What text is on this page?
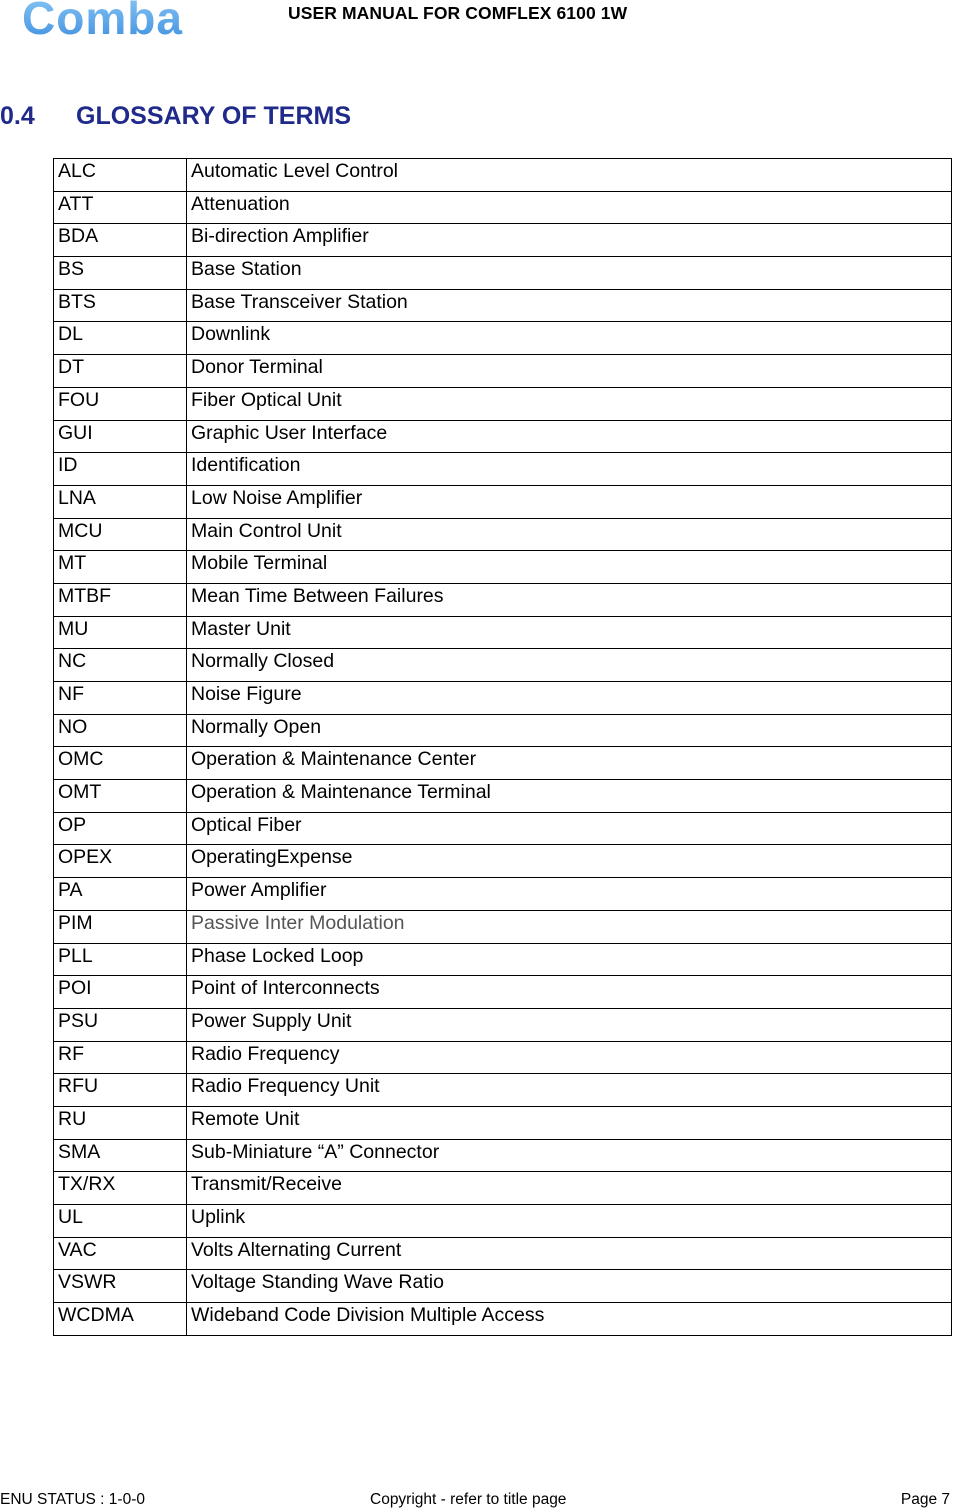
Comba	USER MANUAL FOR COMFLEX 6100 1W
0.4	GLOSSARY OF TERMS
ALC	Automatic Level Control
ATT	Attenuation
BDA	Bi-direction Amplifier
BS	Base Station
BTS	Base Transceiver Station
DL	Downlink
DT	Donor Terminal
FOU	Fiber Optical Unit
GUI	Graphic User Interface
ID	Identification
LNA	Low Noise Amplifier
MCU	Main Control Unit
MT	Mobile Terminal
MTBF	Mean Time Between Failures
MU	Master Unit
NC	Normally Closed
NF	Noise Figure
NO	Normally Open
OMC	Operation & Maintenance Center
OMT	Operation & Maintenance Terminal
OP	Optical Fiber
OPEX	OperatingExpense
PA	Power Amplifier
PIM	Passive Inter Modulation
PLL	Phase Locked Loop
POI	Point of Interconnects
PSU	Power Supply Unit
RF	Radio Frequency
RFU	Radio Frequency Unit
RU	Remote Unit
SMA	Sub-Miniature “A” Connector
TX/RX	Transmit/Receive
UL	Uplink
VAC	Volts Alternating Current
VSWR	Voltage Standing Wave Ratio
WCDMA	Wideband Code Division Multiple Access
ENU STATUS : 1-0-0	Copyright - refer to title page	Page 7
